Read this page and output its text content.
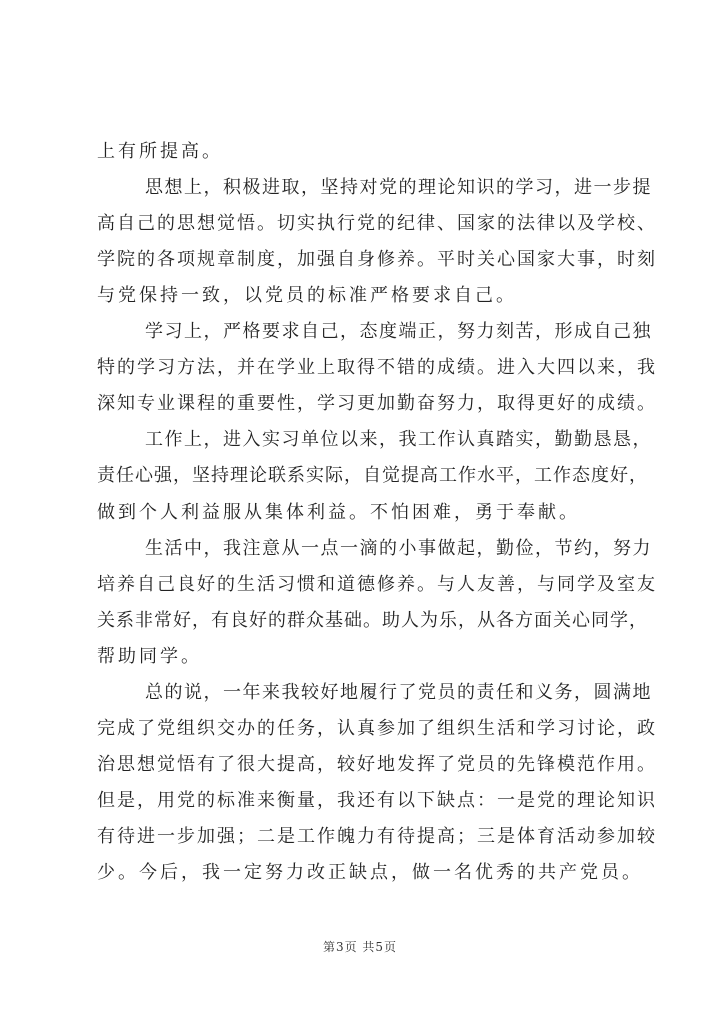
上有所提高。
思想上，积极进取，坚持对党的理论知识的学习，进一步提
高自己的思想觉悟。切实执行党的纪律、国家的法律以及学校、
学院的各项规章制度，加强自身修养。平时关心国家大事，时刻
与党保持一致，以党员的标准严格要求自己。
学习上，严格要求自己，态度端正，努力刻苦，形成自己独
特的学习方法，并在学业上取得不错的成绩。进入大四以来，我
深知专业课程的重要性，学习更加勤奋努力，取得更好的成绩。
工作上，进入实习单位以来，我工作认真踏实，勤勤恳恳，
责任心强，坚持理论联系实际，自觉提高工作水平，工作态度好，
做到个人利益服从集体利益。不怕困难，勇于奉献。
生活中，我注意从一点一滴的小事做起，勤俭，节约，努力
培养自己良好的生活习惯和道德修养。与人友善，与同学及室友
关系非常好，有良好的群众基础。助人为乐，从各方面关心同学，
帮助同学。
总的说，一年来我较好地履行了党员的责任和义务，圆满地
完成了党组织交办的任务，认真参加了组织生活和学习讨论，政
治思想觉悟有了很大提高，较好地发挥了党员的先锋模范作用。
但是，用党的标准来衡量，我还有以下缺点：一是党的理论知识
有待进一步加强；二是工作魄力有待提高；三是体育活动参加较
少。今后，我一定努力改正缺点，做一名优秀的共产党员。
第3页 共5页
